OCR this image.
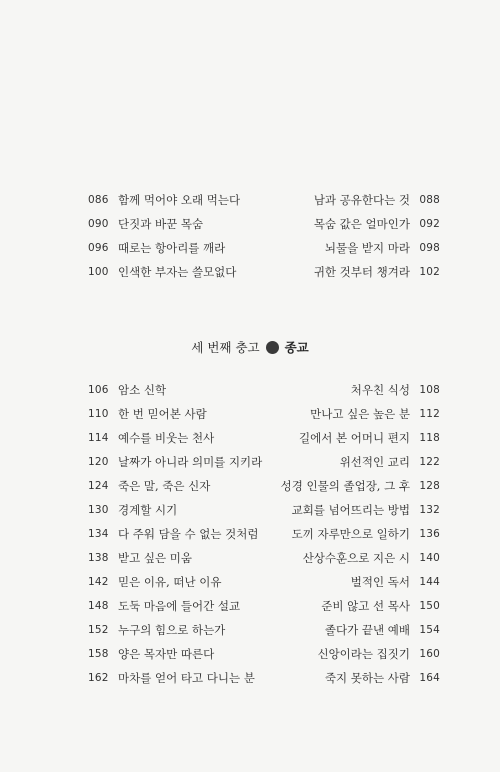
086 함께 먹어야 오래 먹는다	남과 공유한다는 것 088
090 단짓과 바꾼 목숨	목숨 값은 얼마인가 092
096 때로는 항아리를 깨라	뇌물을 받지 마라 098
100 인색한 부자는 쓸모없다	귀한 것부터 챙겨라 102
세 번째 충고 종교
106 암소 신학	처우친 식성 108
110 한 번 믿어본 사람	만나고 싶은 높은 분 112
114 예수를 비웃는 천사	길에서 본 어머니 편지 118
120 날짜가 아니라 의미를 지키라	위선적인 교리 122
124 죽은 말, 죽은 신자	성경 인물의 졸업장, 그 후 128
130 경계할 시기	교회를 넘어뜨리는 방법 132
134 다 주워 담을 수 없는 것처럼	도끼 자루만으로 일하기 136
138 받고 싶은 미움	산상수훈으로 지은 시 140
142 믿은 이유, 떠난 이유	벌적인 독서 144
148 도둑 마음에 들어간 설교	준비 않고 선 목사 150
152 누구의 힘으로 하는가	졸다가 끝낸 예배 154
158 양은 목자만 따른다	신앙이라는 집짓기 160
162 마차를 얻어 타고 다니는 분	죽지 못하는 사람 164
